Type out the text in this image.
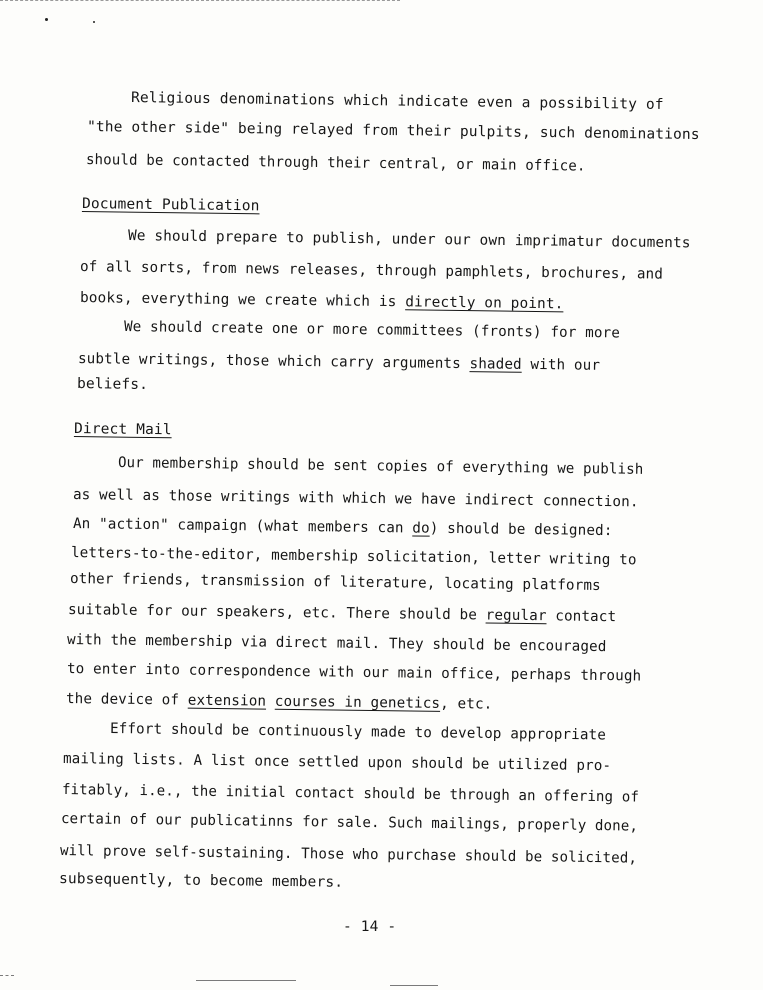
Religious denominations which indicate even a possibility of
"the other side" being relayed from their pulpits, such denominations
should be contacted through their central, or main office.
Document Publication
We should prepare to publish, under our own imprimatur documents
of all sorts, from news releases, through pamphlets, brochures, and
books, everything we create which is directly on point.
We should create one or more committees (fronts) for more
subtle writings, those which carry arguments shaded with our
beliefs.
Direct Mail
Our membership should be sent copies of everything we publish
as well as those writings with which we have indirect connection.
An "action" campaign (what members can do) should be designed:
letters-to-the-editor, membership solicitation, letter writing to
other friends, transmission of literature, locating platforms
suitable for our speakers, etc. There should be regular contact
with the membership via direct mail. They should be encouraged
to enter into correspondence with our main office, perhaps through
the device of extension courses in genetics, etc.
Effort should be continuously made to develop appropriate
mailing lists. A list once settled upon should be utilized pro-
fitably, i.e., the initial contact should be through an offering of
certain of our publicatinns for sale. Such mailings, properly done,
will prove self-sustaining. Those who purchase should be solicited,
subsequently, to become members.
- 14 -
